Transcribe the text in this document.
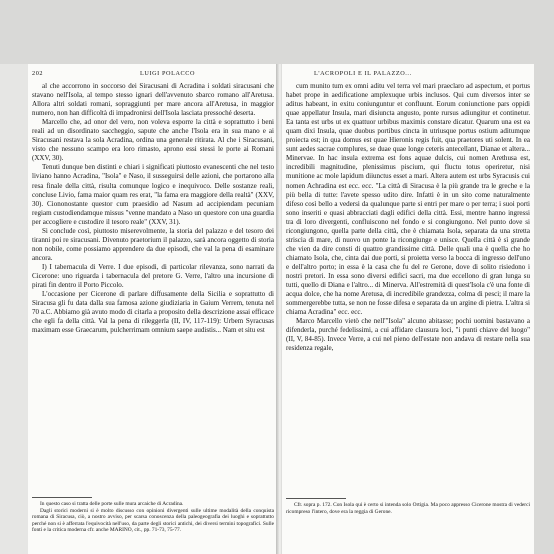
202	LUIGI POLACCO

al che accorrono in soccorso dei Siracusani di Acradina i soldati siracusani che stavano nell'Isola, al tempo stesso ignari dell'avvenuto sbarco romano all'Aretusa. Allora altri soldati romani, sopraggiunti per mare ancora all'Aretusa, in maggior numero, non han difficoltà di impadronirsi dell'Isola lasciata pressoché deserta.

Marcello che, ad onor del vero, non voleva esporre la città e soprattutto i beni reali ad un disordinato saccheggio, sapute che anche l'Isola era in sua mano e ai Siracusani restava la sola Acradina, ordina una generale ritirata. Al che i Siracusani, visto che nessuno scampo era loro rimasto, aprono essi stessi le porte ai Romani (XXV, 30).

Tenuti dunque ben distinti e chiari i significati piuttosto evanescenti che nel testo liviano hanno Acradina, "Isola" e Naso, il susseguirsi delle azioni, che portarono alla resa finale della città, risulta comunque logico e inequivoco. Delle sostanze reali, concluse Livio, fama maior quam res erat, "la fama era maggiore della realtà" (XXV, 30). Ciononostante questor cum praesidio ad Nasum ad accipiendam pecuniam regiam custodiendamque missus "venne mandato a Naso un questore con una guardia per accogliere e custodire il tesoro reale" (XXV, 31).

Si conclude così, piuttosto miserevolmente, la storia del palazzo e del tesoro dei tiranni poi re siracusani. Divenuto praetorium il palazzo, sarà ancora oggetto di storia non nobile, come possiamo apprendere da due episodi, che val la pena di esaminare ancora.

I) I tabernacula di Verre. I due episodi, di particolar rilevanza, sono narrati da Cicerone: uno riguarda i tabernacula del pretore G. Verre, l'altro una incursione di pirati fin dentro il Porto Piccolo.

L'occasione per Cicerone di parlare diffusamente della Sicilia e soprattutto di Siracusa gli fu data dalla sua famosa azione giudiziaria in Gaium Verrem, tenuta nel 70 a.C. Abbiamo già avuto modo di citarla a proposito della descrizione assai efficace che egli fa della città. Val la pena di rileggerla (II, IV, 117-119): Urbem Syracusas maximam esse Graecarum, pulcherrimam omnium saepe audistis... Nam et situ est

In questo caso si tratta delle porte sulle mura arcaiche di Acradina.

Dagli storici moderni si è molto discusso con opinioni divergenti sulle ultime modalità della conquista romana di Siracusa, ciò, a nostro avviso, per scarsa conoscenza della paleogeografia dei luoghi e soprattutto perché non si è afferrata l'equivocità nell'uso, da parte degli storici antichi, dei diversi termini topografici. Sulle fonti e la critica moderna cfr. anche MARINO, cit., pp. 71-73, 75-77.

L'ACROPOLI E IL PALAZZO...

cum munito tum ex omni aditu vel terra vel mari praeclaro ad aspectum, et portus habet prope in aedificatione amplexuque urbis inclusos. Qui cum diversos inter se aditus habeant, in exitu coniunguntur et confluunt. Eorum coniunctione pars oppidi quae appellatur Insula, mari disiuncta angusto, ponte rursus adiungitur et continetur. Ea tanta est urbs ut ex quattuor urbibus maximis constare dicatur. Quarum una est ea quam dixi Insula, quae duobus portibus cincta in utriusque portus ostium aditumque proiecta est; in qua domus est quae Hieronis regis fuit, qua praetores uti solent. In ea sunt aedes sacrae complures, se duae quae longe ceteris antecellant, Dianae et altera... Minervae. In hac insula extrema est fons aquae dulcis, cui nomen Arethusa est, incredibili magnitudine, plenissimus piscium, qui fluctu totus operiretur, nisi munitione ac mole lapidum diiunctus esset a mari. Altera autem est urbs Syracusis cui nomen Achradina est ecc. ecc. "La città di Siracusa è la più grande tra le greche e la più bella di tutte: l'avete spesso udito dire. Infatti è in un sito come naturalmente difeso così bello a vedersi da qualunque parte si entri per mare o per terra; i suoi porti sono inseriti e quasi abbracciati dagli edifici della città. Essi, mentre hanno ingressi tra di loro divergenti, confluiscono nel fondo e si congiungono. Nel punto dove si ricongiungono, quella parte della città, che è chiamata Isola, separata da una stretta striscia di mare, di nuovo un ponte la ricongiunge e unisce. Quella città è sì grande che vien da dire consti di quattro grandissime città. Delle quali una è quella che ho chiamato Isola, che, cinta dai due porti, si proietta verso la bocca di ingresso dell'uno e dell'altro porto; in essa è la casa che fu del re Gerone, dove di solito risiedono i nostri pretori. In essa sono diversi edifici sacri, ma due eccellono di gran lunga su tutti, quello di Diana e l'altro... di Minerva. All'estremità di quest'Isola c'è una fonte di acqua dolce, che ha nome Aretusa, di incredibile grandezza, colma di pesci; il mare la sommergerebbe tutta, se non ne fosse difesa e separata da un argine di pietra. L'altra si chiama Acradina" ecc. ecc.

Marco Marcello vietò che nell'"Isola" alcuno abitasse; pochi uomini bastavano a difenderla, purché fedelissimi, a cui affidare clausura loci, "i punti chiave del luogo" (II, V, 84-85). Invece Verre, a cui nel pieno dell'estate non andava di restare nella sua residenza regale,

Cfr. sopra p. 172. Con Isola qui è certo si intenda solo Ortigia. Ma poco appresso Cicerone mostra di vederci ricompreso l'intero, dove era la reggia di Gerone.
